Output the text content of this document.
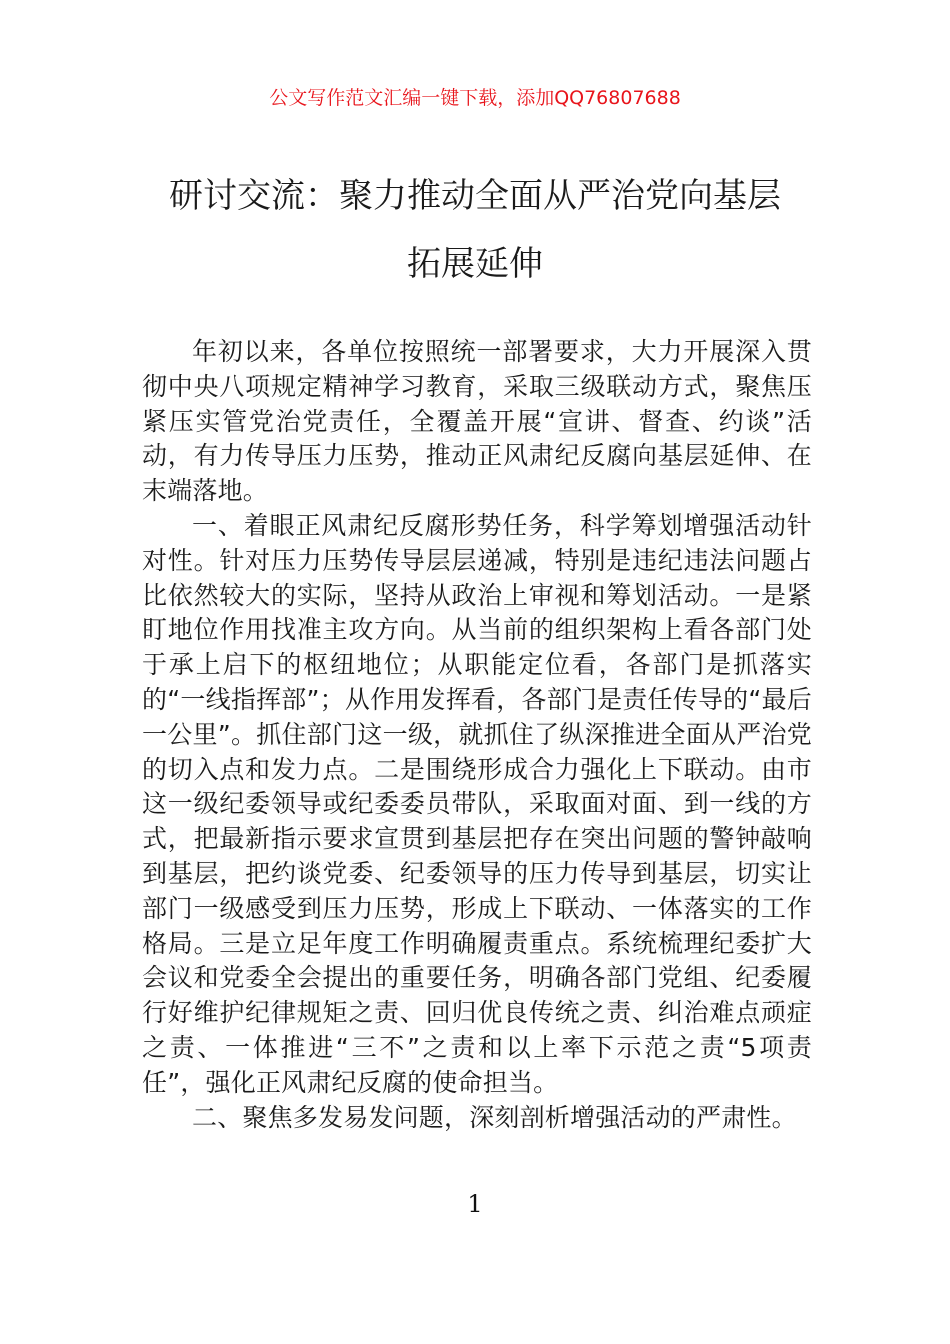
公文写作范文汇编一键下载，添加QQ76807688
研讨交流：聚力推动全面从严治党向基层
拓展延伸

年初以来，各单位按照统一部署要求，大力开展深入贯彻中央八项规定精神学习教育，采取三级联动方式，聚焦压紧压实管党治党责任，全覆盖开展“宣讲、督查、约谈”活动，有力传导压力压势，推动正风肃纪反腐向基层延伸、在末端落地。

一、着眼正风肃纪反腐形势任务，科学筹划增强活动针对性。针对压力压势传导层层递减，特别是违纪违法问题占比依然较大的实际，坚持从政治上审视和筹划活动。一是紧盯地位作用找准主攻方向。从当前的组织架构上看各部门处于承上启下的枢纽地位；从职能定位看，各部门是抓落实的“一线指挥部”；从作用发挥看，各部门是责任传导的“最后一公里”。抓住部门这一级，就抓住了纵深推进全面从严治党的切入点和发力点。二是围绕形成合力强化上下联动。由市这一级纪委领导或纪委委员带队，采取面对面、到一线的方式，把最新指示要求宣贯到基层把存在突出问题的警钟敲响到基层，把约谈党委、纪委领导的压力传导到基层，切实让部门一级感受到压力压势，形成上下联动、一体落实的工作格局。三是立足年度工作明确履责重点。系统梳理纪委扩大会议和党委全会提出的重要任务，明确各部门党组、纪委履行好维护纪律规矩之责、回归优良传统之责、纠治难点顽症之责、一体推进“三不”之责和以上率下示范之责“5项责任”，强化正风肃纪反腐的使命担当。

二、聚焦多发易发问题，深刻剖析增强活动的严肃性。

1
